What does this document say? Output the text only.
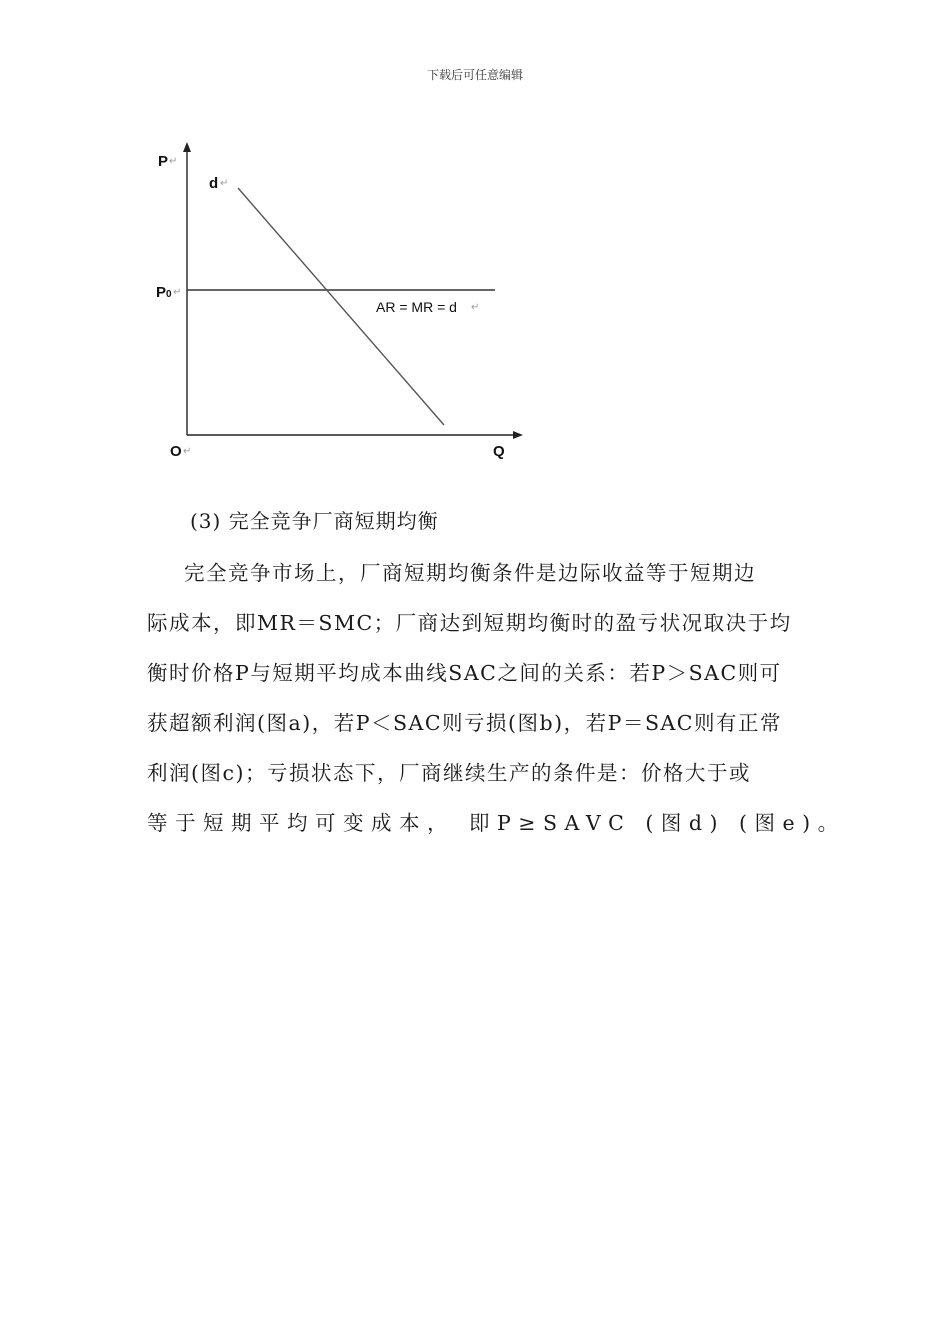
下载后可任意编辑
P ↵
d ↵
P 0 ↵
AR = MR = d ↵
O ↵	Q
(3) 完全竞争厂商短期均衡
完全竞争市场上，厂商短期均衡条件是边际收益等于短期边
际成本，即MR＝SMC；厂商达到短期均衡时的盈亏状况取决于均
衡时价格P与短期平均成本曲线SAC之间的关系：若P＞SAC则可
获超额利润(图a)，若P＜SAC则亏损(图b)，若P＝SAC则有正常
利润(图c)；亏损状态下，厂商继续生产的条件是：价格大于或
等于短期平均可变成本， 即P≥SAVC (图d) (图e)。
